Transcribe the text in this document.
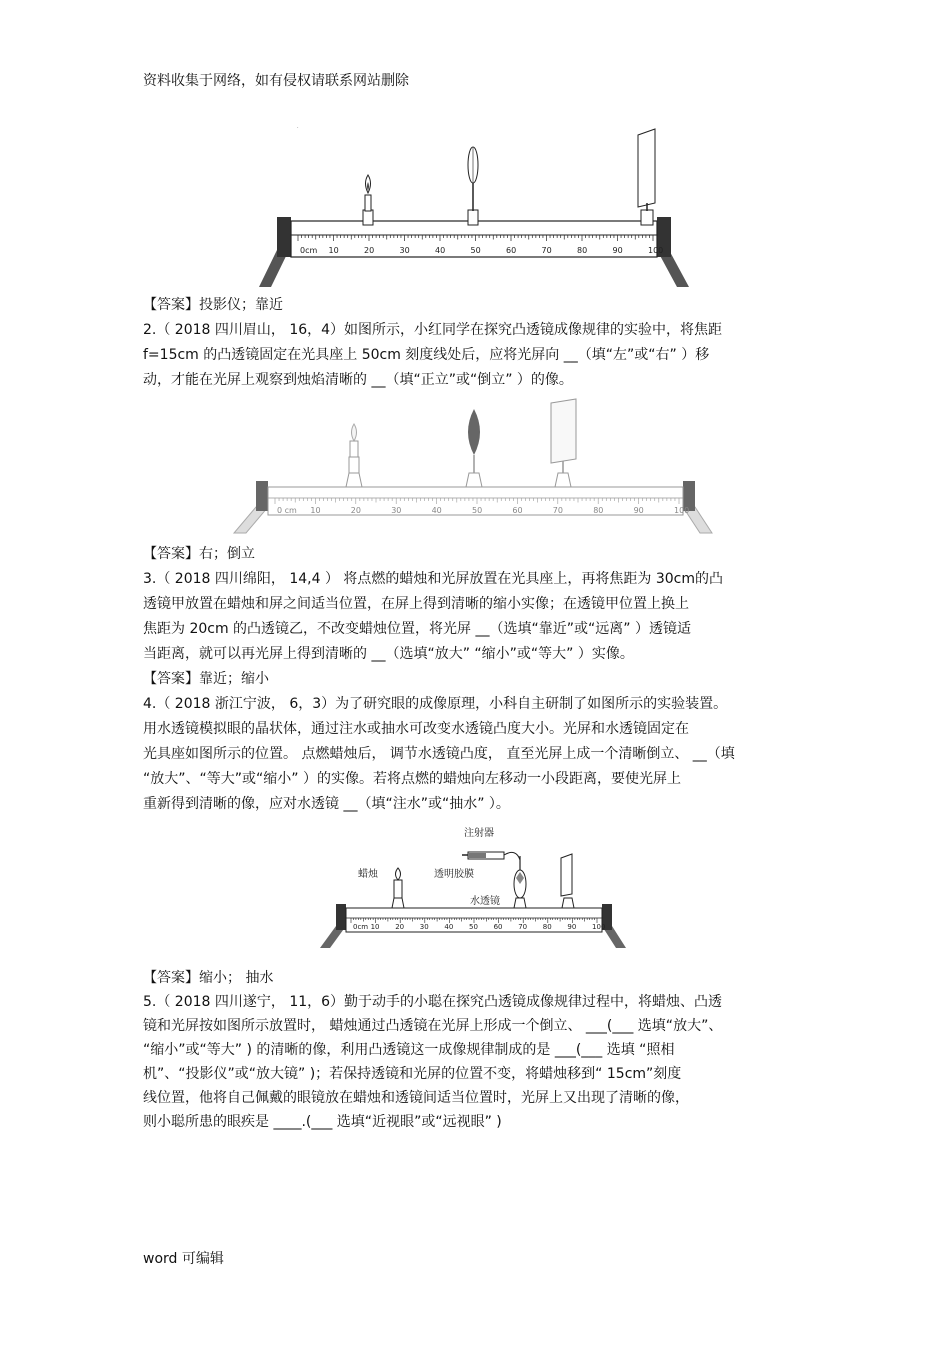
资料收集于网络，如有侵权请联系网站删除
0cm 10	20	30	40	50	60	70	80	90	100
.
【答案】投影仪；靠近
2.（ 2018 四川眉山， 16，4）如图所示，小红同学在探究凸透镜成像规律的实验中，将焦距
f=15cm 的凸透镜固定在光具座上 50cm 刻度线处后，应将光屏向 __（填“左”或“右” ）移
动，才能在光屏上观察到烛焰清晰的 __（填“正立”或“倒立” ）的像。
0 cm 10	20	30	40	50	60	70	80	90	100
【答案】右；倒立
3.（ 2018 四川绵阳， 14,4 ） 将点燃的蜡烛和光屏放置在光具座上，再将焦距为 30cm的凸
透镜甲放置在蜡烛和屏之间适当位置，在屏上得到清晰的缩小实像；在透镜甲位置上换上
焦距为 20cm 的凸透镜乙，不改变蜡烛位置，将光屏 __（选填“靠近”或“远离” ）透镜适
当距离，就可以再光屏上得到清晰的 __（选填“放大” “缩小”或“等大” ）实像。
【答案】靠近；缩小
4.（ 2018 浙江宁波， 6，3）为了研究眼的成像原理，小科自主研制了如图所示的实验装置。
用水透镜模拟眼的晶状体，通过注水或抽水可改变水透镜凸度大小。光屏和水透镜固定在
光具座如图所示的位置。 点燃蜡烛后， 调节水透镜凸度， 直至光屏上成一个清晰倒立、 __（填
“放大”、“等大”或“缩小” ）的实像。若将点燃的蜡烛向左移动一小段距离，要使光屏上
重新得到清晰的像，应对水透镜 __（填“注水”或“抽水” ）。
0cm 10 20 30 40 50 60 70 80 90 100
蜡烛
注射器
透明胶膜
水透镜
【答案】缩小； 抽水
5.（ 2018 四川遂宁， 11，6）勤于动手的小聪在探究凸透镜成像规律过程中，将蜡烛、凸透
镜和光屏按如图所示放置时， 蜡烛通过凸透镜在光屏上形成一个倒立、 ___(___ 选填“放大”、
“缩小”或“等大” ) 的清晰的像，利用凸透镜这一成像规律制成的是 ___(___ 选填 “照相
机”、“投影仪”或“放大镜” )；若保持透镜和光屏的位置不变，将蜡烛移到“ 15cm”刻度
线位置，他将自己佩戴的眼镜放在蜡烛和透镜间适当位置时，光屏上又出现了清晰的像，
则小聪所患的眼疾是 ____.(___ 选填“近视眼”或“远视眼” )
word 可编辑
